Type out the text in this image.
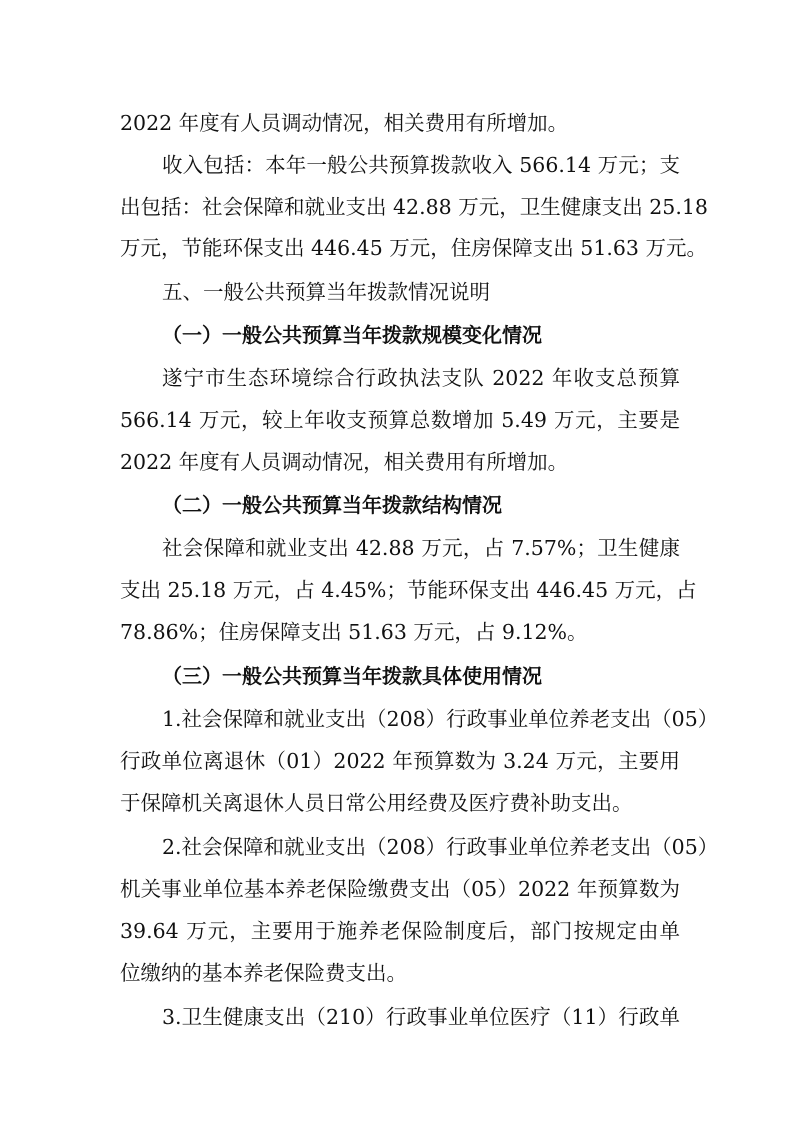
2022 年度有人员调动情况，相关费用有所增加。
收入包括：本年一般公共预算拨款收入 566.14 万元；支
出包括：社会保障和就业支出 42.88 万元，卫生健康支出 25.18
万元，节能环保支出 446.45 万元，住房保障支出 51.63 万元。
五、一般公共预算当年拨款情况说明
（一）一般公共预算当年拨款规模变化情况
遂宁市生态环境综合行政执法支队 2022 年收支总预算
566.14 万元，较上年收支预算总数增加 5.49 万元，主要是
2022 年度有人员调动情况，相关费用有所增加。
（二）一般公共预算当年拨款结构情况
社会保障和就业支出 42.88 万元，占 7.57%；卫生健康
支出 25.18 万元，占 4.45%；节能环保支出 446.45 万元，占
78.86%；住房保障支出 51.63 万元，占 9.12%。
（三）一般公共预算当年拨款具体使用情况
1.社会保障和就业支出（208）行政事业单位养老支出（05）
行政单位离退休（01）2022 年预算数为 3.24 万元，主要用
于保障机关离退休人员日常公用经费及医疗费补助支出。
2.社会保障和就业支出（208）行政事业单位养老支出（05）
机关事业单位基本养老保险缴费支出（05）2022 年预算数为
39.64 万元，主要用于施养老保险制度后，部门按规定由单
位缴纳的基本养老保险费支出。
3.卫生健康支出（210）行政事业单位医疗（11）行政单
